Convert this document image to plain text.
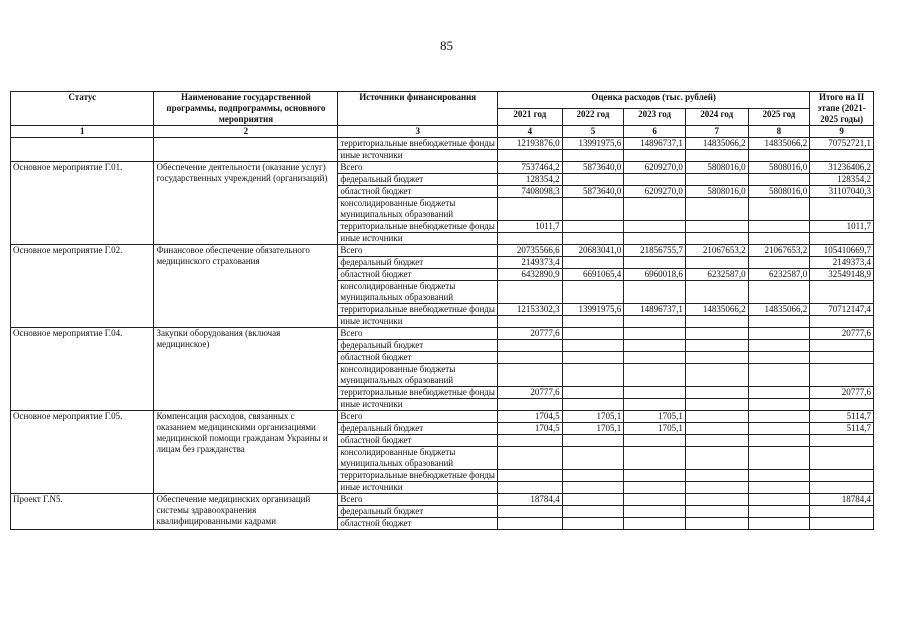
85
Статус	Наименование государственной программы, подпрограммы, основного мероприятия	Источники финансирования	Оценка расходов (тыс. рублей)					Итого на II этапе (2021-2025 годы)
			2021 год	2022 год	2023 год	2024 год	2025 год	
1	2	3	4	5	6	7	8	9
		территориальные внебюджетные фонды	12193876,0	13991975,6	14896737,1	14835066,2	14835066,2	70752721,1
		иные источники						
Основное мероприятие Г.01.	Обеспечение деятельности (оказание услуг) государственных учреждений (организаций)	Всего	7537464,2	5873640,0	6209270,0	5808016,0	5808016,0	31236406,2
		федеральный бюджет	128354,2					128354,2
		областной бюджет	7408098,3	5873640,0	6209270,0	5808016,0	5808016,0	31107040,3
		консолидированные бюджеты муниципальных образований						
		территориальные внебюджетные фонды	1011,7					1011,7
		иные источники						
Основное мероприятие Г.02.	Финансовое обеспечение обязательного медицинского страхования	Всего	20735566,6	20683041,0	21856755,7	21067653,2	21067653,2	105410669,7
		федеральный бюджет	2149373,4					2149373,4
		областной бюджет	6432890,9	6691065,4	6960018,6	6232587,0	6232587,0	32549148,9
		консолидированные бюджеты муниципальных образований						
		территориальные внебюджетные фонды	12153302,3	13991975,6	14896737,1	14835066,2	14835066,2	70712147,4
		иные источники						
Основное мероприятие Г.04.	Закупки оборудования (включая медицинское)	Всего	20777,6					20777,6
		федеральный бюджет						
		областной бюджет						
		консолидированные бюджеты муниципальных образований						
		территориальные внебюджетные фонды	20777,6					20777,6
		иные источники						
Основное мероприятие Г.05.	Компенсация расходов, связанных с оказанием медицинскими организациями медицинской помощи гражданам Украины и лицам без гражданства	Всего	1704,5	1705,1	1705,1			5114,7
		федеральный бюджет	1704,5	1705,1	1705,1			5114,7
		областной бюджет						
		консолидированные бюджеты муниципальных образований						
		территориальные внебюджетные фонды						
		иные источники						
Проект Г.N5.	Обеспечение медицинских организаций системы здравоохранения квалифицированными кадрами	Всего	18784,4					18784,4
		федеральный бюджет						
		областной бюджет						
